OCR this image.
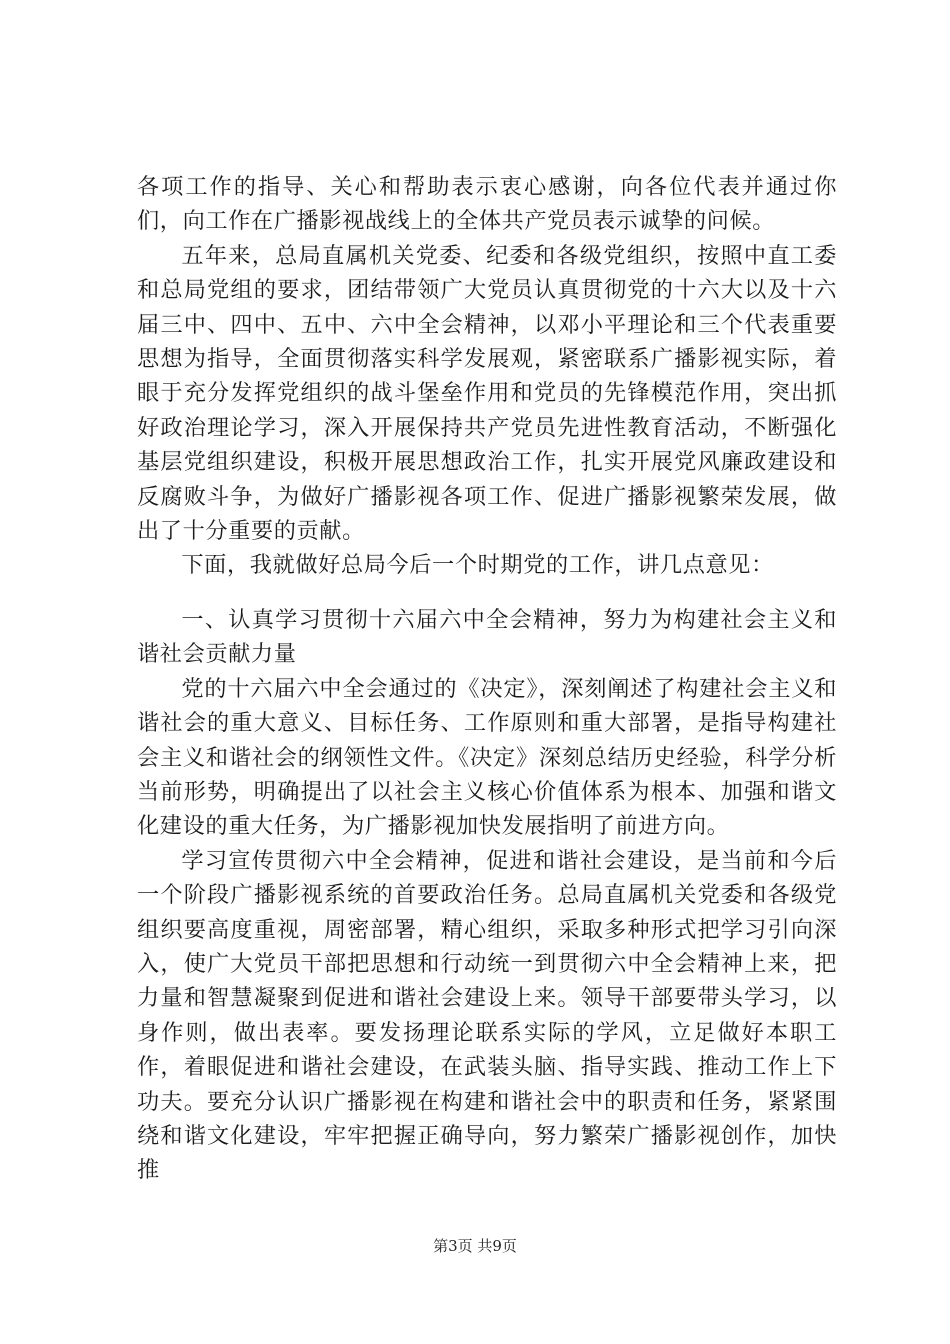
各项工作的指导、关心和帮助表示衷心感谢，向各位代表并通过你们，向工作在广播影视战线上的全体共产党员表示诚挚的问候。

五年来，总局直属机关党委、纪委和各级党组织，按照中直工委和总局党组的要求，团结带领广大党员认真贯彻党的十六大以及十六届三中、四中、五中、六中全会精神，以邓小平理论和三个代表重要思想为指导，全面贯彻落实科学发展观，紧密联系广播影视实际，着眼于充分发挥党组织的战斗堡垒作用和党员的先锋模范作用，突出抓好政治理论学习，深入开展保持共产党员先进性教育活动，不断强化基层党组织建设，积极开展思想政治工作，扎实开展党风廉政建设和反腐败斗争，为做好广播影视各项工作、促进广播影视繁荣发展，做出了十分重要的贡献。

下面，我就做好总局今后一个时期党的工作，讲几点意见：

一、认真学习贯彻十六届六中全会精神，努力为构建社会主义和谐社会贡献力量

党的十六届六中全会通过的《决定》，深刻阐述了构建社会主义和谐社会的重大意义、目标任务、工作原则和重大部署，是指导构建社会主义和谐社会的纲领性文件。《决定》深刻总结历史经验，科学分析当前形势，明确提出了以社会主义核心价值体系为根本、加强和谐文化建设的重大任务，为广播影视加快发展指明了前进方向。

学习宣传贯彻六中全会精神，促进和谐社会建设，是当前和今后一个阶段广播影视系统的首要政治任务。总局直属机关党委和各级党组织要高度重视，周密部署，精心组织，采取多种形式把学习引向深入，使广大党员干部把思想和行动统一到贯彻六中全会精神上来，把力量和智慧凝聚到促进和谐社会建设上来。领导干部要带头学习，以身作则，做出表率。要发扬理论联系实际的学风，立足做好本职工作，着眼促进和谐社会建设，在武装头脑、指导实践、推动工作上下功夫。要充分认识广播影视在构建和谐社会中的职责和任务，紧紧围绕和谐文化建设，牢牢把握正确导向，努力繁荣广播影视创作，加快推

第3页 共9页
